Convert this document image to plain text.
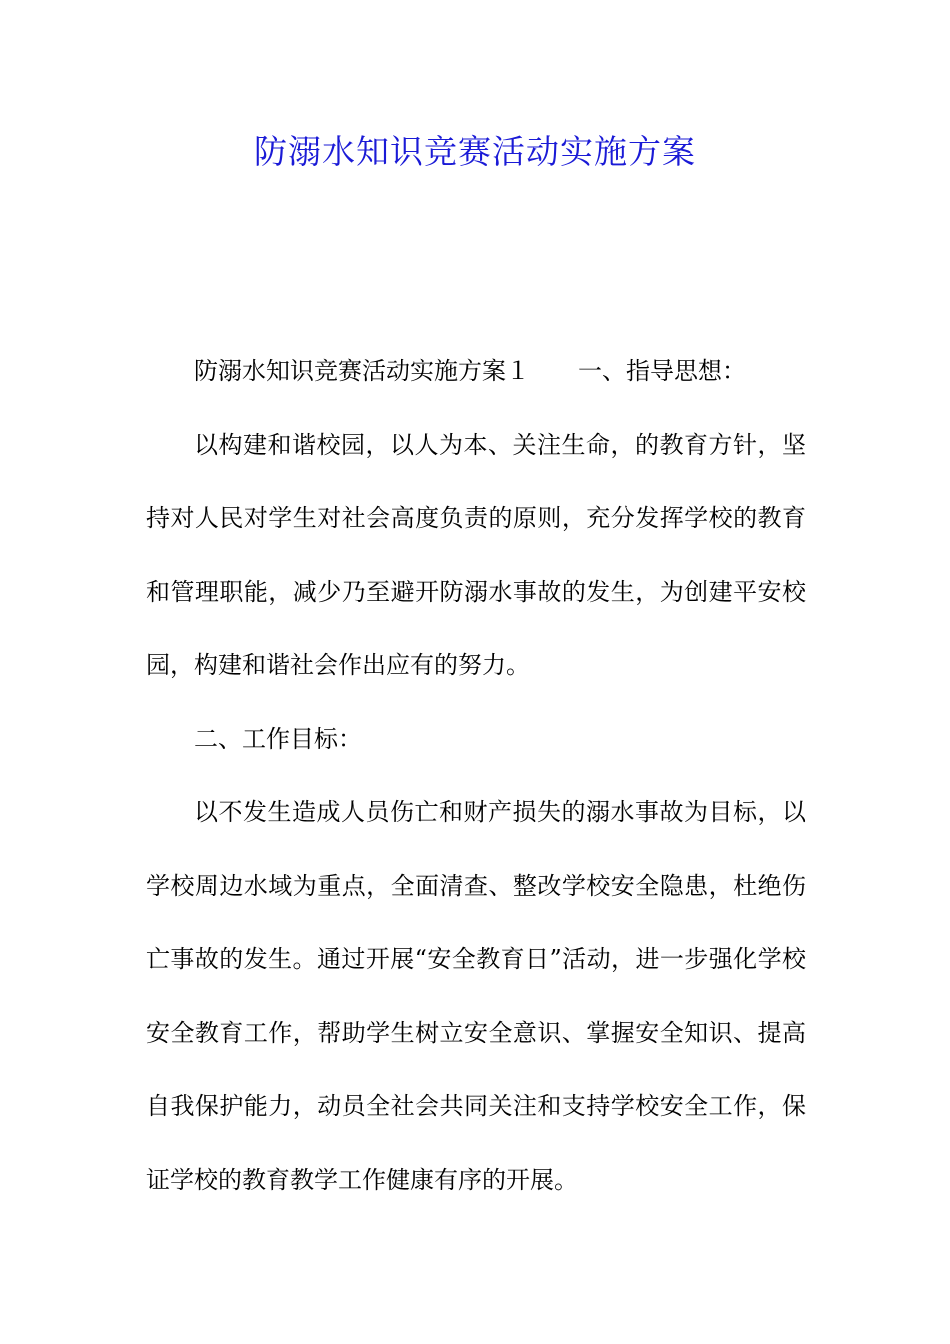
防溺水知识竞赛活动实施方案

防溺水知识竞赛活动实施方案１ 一、指导思想：

以构建和谐校园，以人为本、关注生命，的教育方针，坚持对人民对学生对社会高度负责的原则，充分发挥学校的教育和管理职能，减少乃至避开防溺水事故的发生，为创建平安校园，构建和谐社会作出应有的努力。

二、工作目标：

以不发生造成人员伤亡和财产损失的溺水事故为目标，以学校周边水域为重点，全面清查、整改学校安全隐患，杜绝伤亡事故的发生。通过开展“安全教育日”活动，进一步强化学校安全教育工作，帮助学生树立安全意识、掌握安全知识、提高自我保护能力，动员全社会共同关注和支持学校安全工作，保证学校的教育教学工作健康有序的开展。
